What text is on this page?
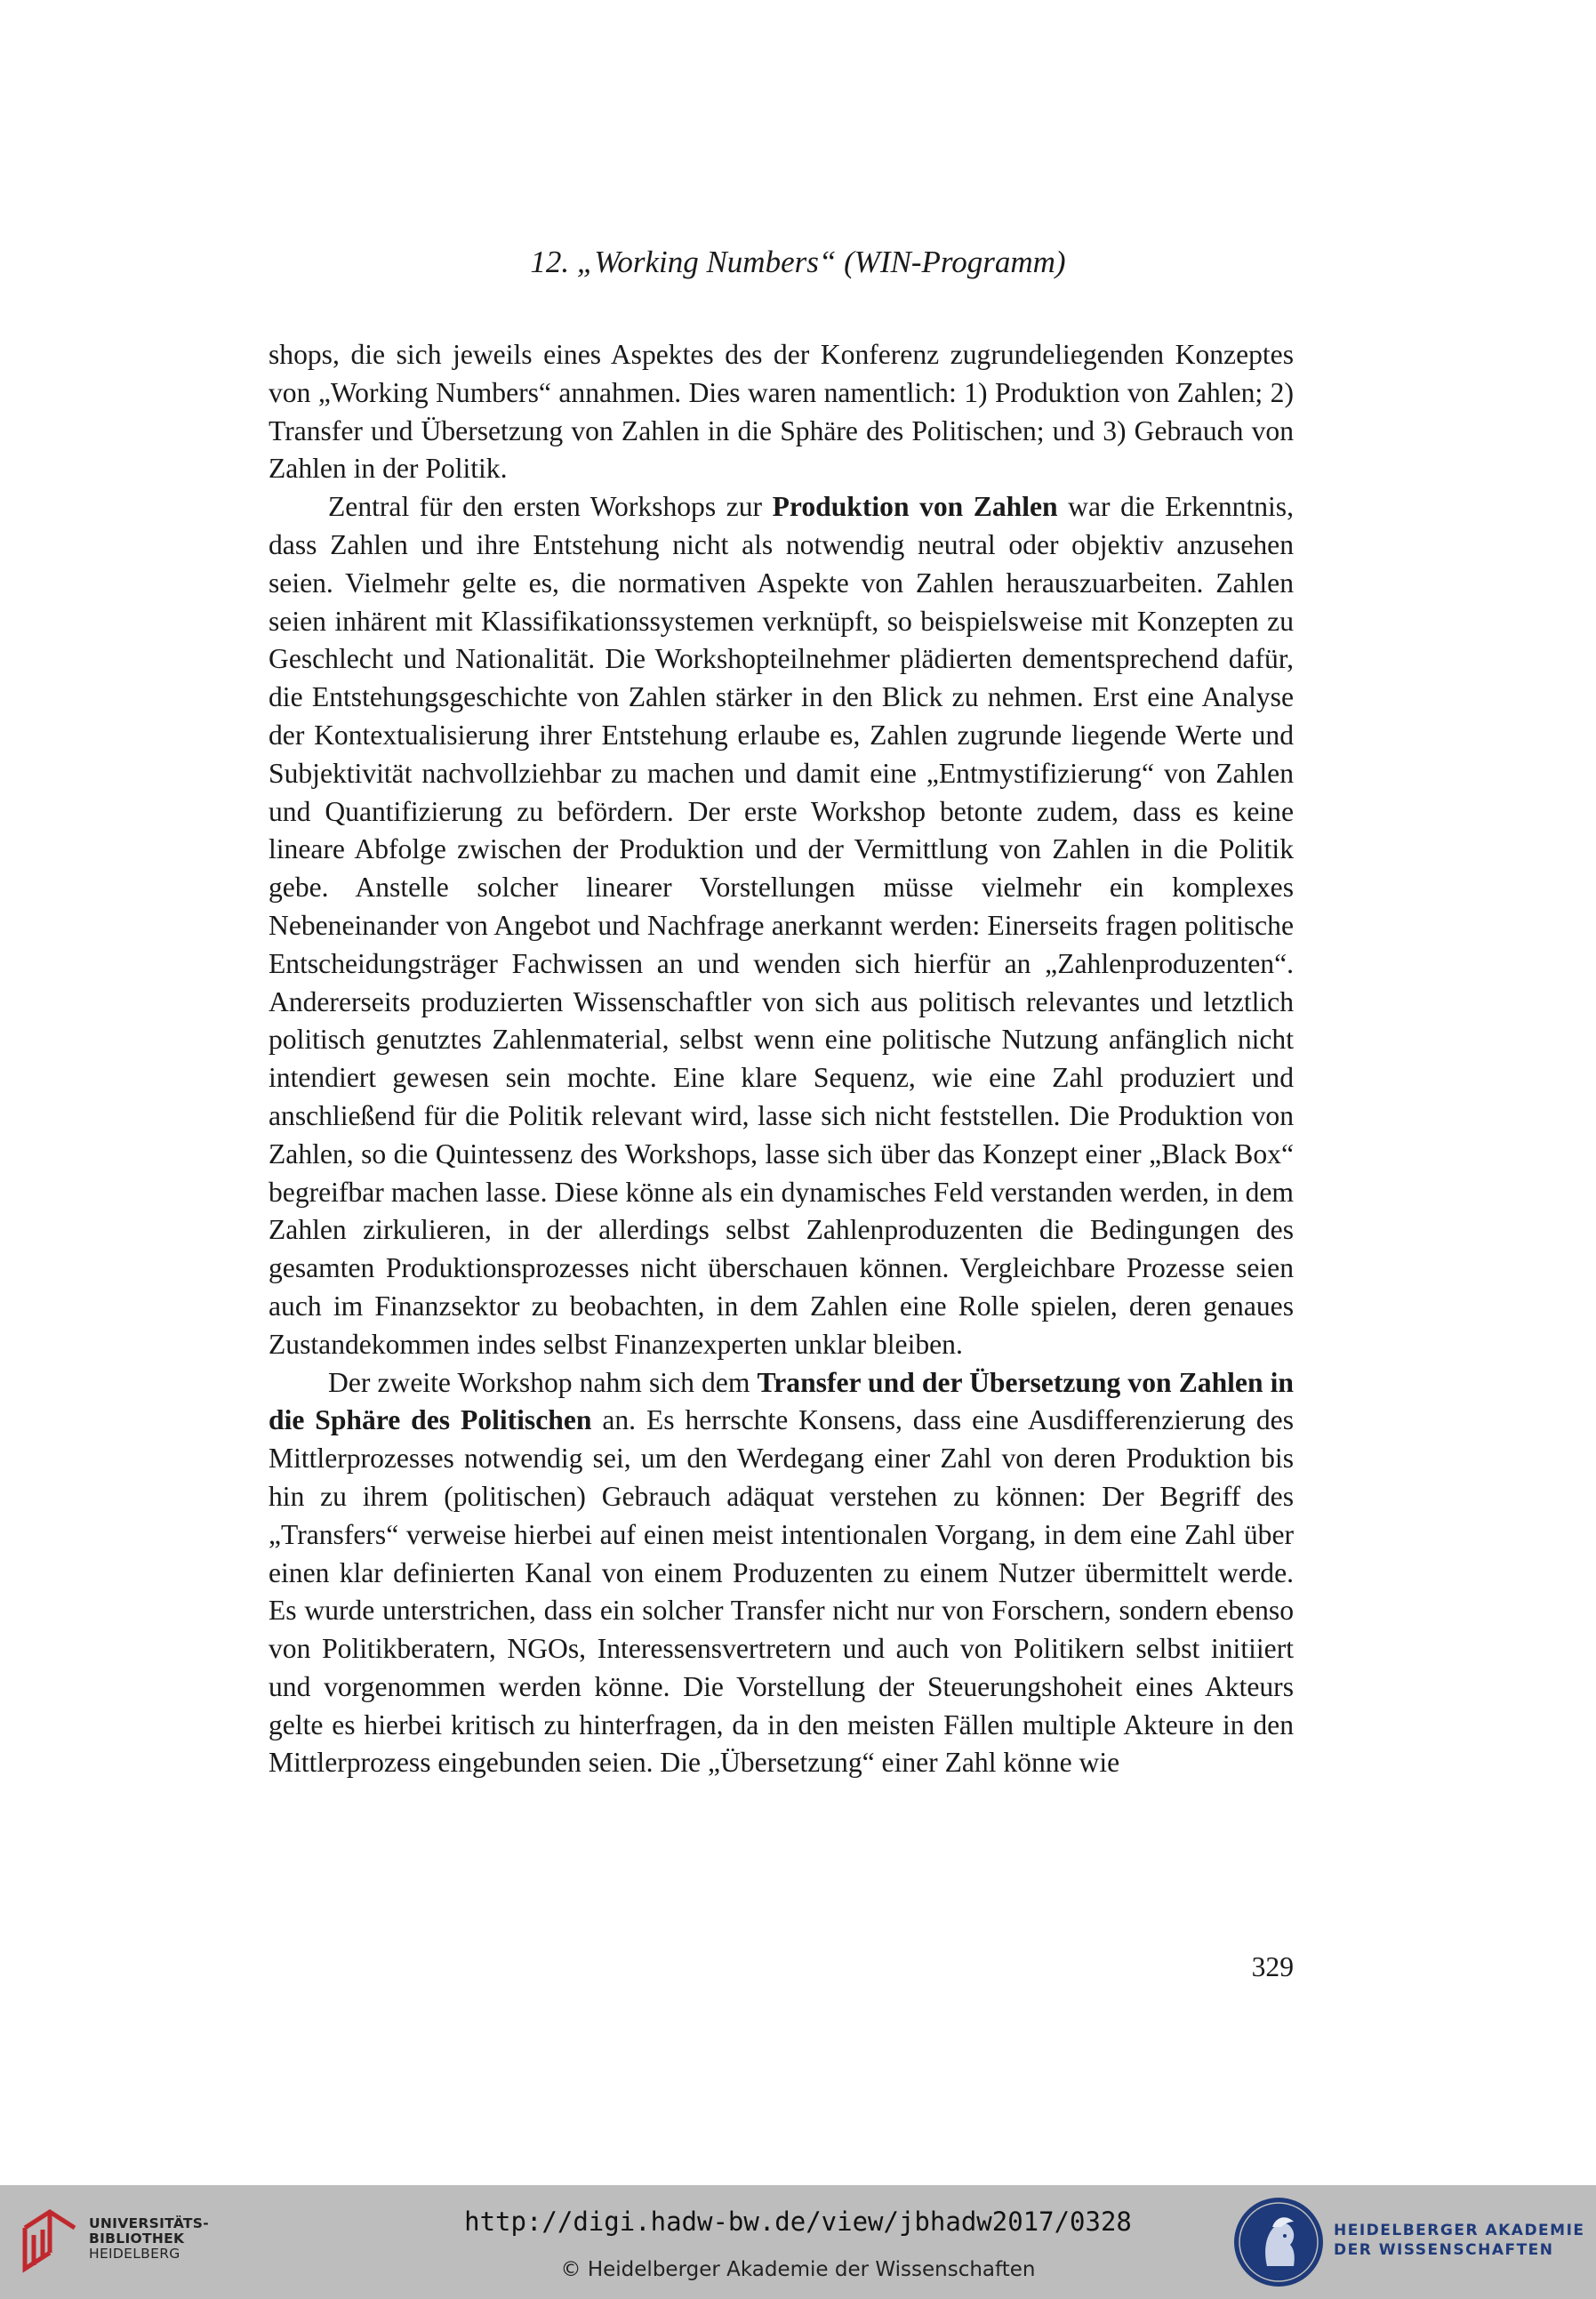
12. „Working Numbers“ (WIN-Programm)

shops, die sich jeweils eines Aspektes des der Konferenz zugrundeliegenden Konzeptes von „Working Numbers“ annahmen. Dies waren namentlich: 1) Produktion von Zahlen; 2) Transfer und Übersetzung von Zahlen in die Sphäre des Politischen; und 3) Gebrauch von Zahlen in der Politik.

Zentral für den ersten Workshops zur Produktion von Zahlen war die Erkenntnis, dass Zahlen und ihre Entstehung nicht als notwendig neutral oder objektiv anzusehen seien. Vielmehr gelte es, die normativen Aspekte von Zahlen herauszuarbeiten. Zahlen seien inhärent mit Klassifikationssystemen verknüpft, so beispielsweise mit Konzepten zu Geschlecht und Nationalität. Die Workshopteilnehmer plädierten dementsprechend dafür, die Entstehungsgeschichte von Zahlen stärker in den Blick zu nehmen. Erst eine Analyse der Kontextualisierung ihrer Entstehung erlaube es, Zahlen zugrunde liegende Werte und Subjektivität nachvollziehbar zu machen und damit eine „Entmystifizierung“ von Zahlen und Quantifizierung zu befördern. Der erste Workshop betonte zudem, dass es keine lineare Abfolge zwischen der Produktion und der Vermittlung von Zahlen in die Politik gebe. Anstelle solcher linearer Vorstellungen müsse vielmehr ein komplexes Nebeneinander von Angebot und Nachfrage anerkannt werden: Einerseits fragen politische Entscheidungsträger Fachwissen an und wenden sich hierfür an „Zahlenproduzenten“. Andererseits produzierten Wissenschaftler von sich aus politisch relevantes und letztlich politisch genutztes Zahlenmaterial, selbst wenn eine politische Nutzung anfänglich nicht intendiert gewesen sein mochte. Eine klare Sequenz, wie eine Zahl produziert und anschließend für die Politik relevant wird, lasse sich nicht feststellen. Die Produktion von Zahlen, so die Quintessenz des Workshops, lasse sich über das Konzept einer „Black Box“ begreifbar machen lasse. Diese könne als ein dynamisches Feld verstanden werden, in dem Zahlen zirkulieren, in der allerdings selbst Zahlenproduzenten die Bedingungen des gesamten Produktionsprozesses nicht überschauen können. Vergleichbare Prozesse seien auch im Finanzsektor zu beobachten, in dem Zahlen eine Rolle spielen, deren genaues Zustandekommen indes selbst Finanzexperten unklar bleiben.

Der zweite Workshop nahm sich dem Transfer und der Übersetzung von Zahlen in die Sphäre des Politischen an. Es herrschte Konsens, dass eine Ausdifferenzierung des Mittlerprozesses notwendig sei, um den Werdegang einer Zahl von deren Produktion bis hin zu ihrem (politischen) Gebrauch adäquat verstehen zu können: Der Begriff des „Transfers“ verweise hierbei auf einen meist intentionalen Vorgang, in dem eine Zahl über einen klar definierten Kanal von einem Produzenten zu einem Nutzer übermittelt werde. Es wurde unterstrichen, dass ein solcher Transfer nicht nur von Forschern, sondern ebenso von Politikberatern, NGOs, Interessensvertretern und auch von Politikern selbst initiiert und vorgenommen werden könne. Die Vorstellung der Steuerungshoheit eines Akteurs gelte es hierbei kritisch zu hinterfragen, da in den meisten Fällen multiple Akteure in den Mittlerprozess eingebunden seien. Die „Übersetzung“ einer Zahl könne wie

329
UNIVERSITÄTS-
BIBLIOTHEK
HEIDELBERG
http://digi.hadw-bw.de/view/jbhadw2017/0328
© Heidelberger Akademie der Wissenschaften
HEIDELBERGER AKADEMIE
DER WISSENSCHAFTEN
